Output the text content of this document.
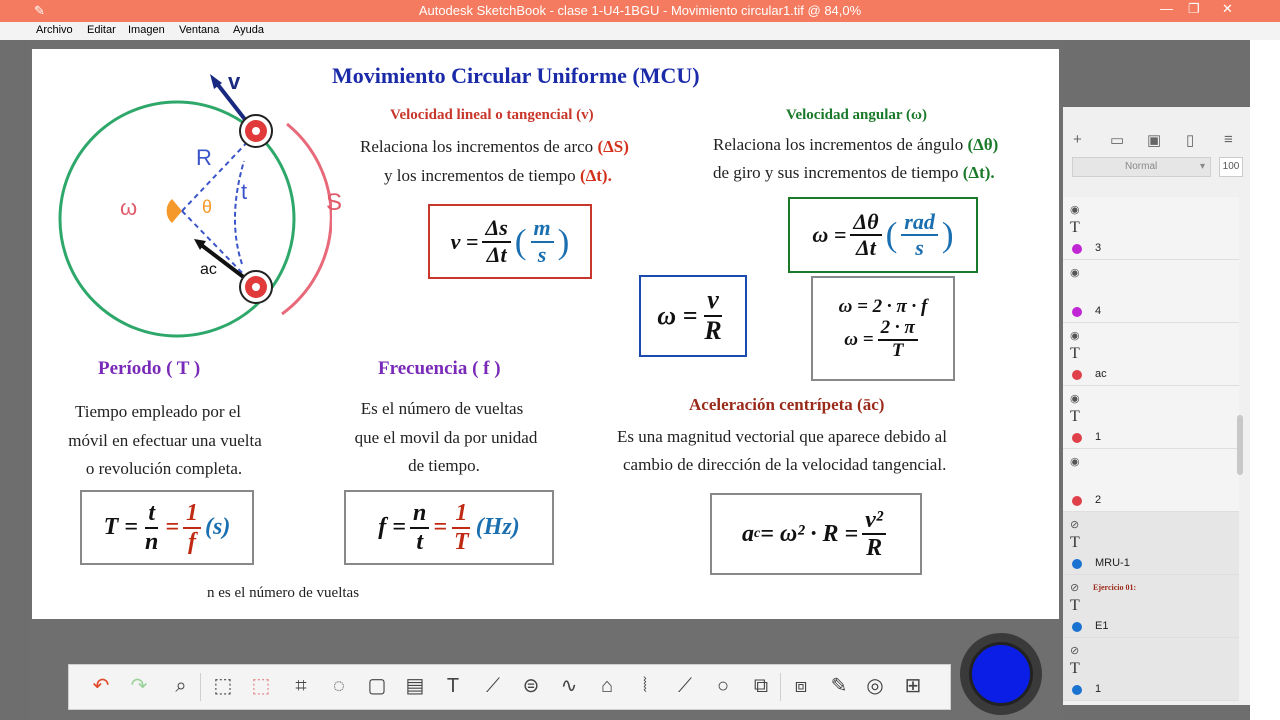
✎	Autodesk SketchBook - clase 1-U4-1BGU - Movimiento circular1.tif @ 84,0%	— ❐ ✕
Archivo Editar Imagen Ventana Ayuda
v
R
t
ω	θ
ac
S
Movimiento Circular Uniforme (MCU)
Velocidad lineal o tangencial (v)
Relaciona los incrementos de arco (ΔS)
y los incrementos de tiempo (Δt).
$v = \frac{\Delta s}{\Delta t}$ ( $\frac{m}{s}$ )
Velocidad angular (ω)
Relaciona los incrementos de ángulo (Δθ)
de giro y sus incrementos de tiempo (Δt).
$\omega = \frac{\Delta\theta}{\Delta t}$ ( $\frac{\text{rad}}{s}$ )
$\omega = \frac{v}{R}$	ω = 2 · π · f
$\omega = \frac{2 \cdot \pi}{T}$
Período ( T )
Tiempo empleado por el
móvil en efectuar una vuelta
o revolución completa.
$T = \frac{t}{n} = \frac{1}{f} (s)$
Frecuencia ( f )
Es el número de vueltas
que el movil da por unidad
de tiempo.
$f = \frac{n}{t} = \frac{1}{T} (Hz)$
Aceleración centrípeta (āc)
Es una magnitud vectorial que aparece debido al
cambio de dirección de la velocidad tangencial.
a $c = \omega^2 \cdot R = \frac{\text{v²}}{R}$
n es el número de vueltas
+ ▭ ▣ ▯ ≡
Normal	▾	100
◉
T
3
◉
4
◉
T
ac
◉
T
1
◉
2
⊘
T
MRU-1
⊘
T
Ejercicio 01:
E1
⊘
T
1
↶ ↷	⌕	⬚ ⬚	⌗	◌	▢ ▤	T	⟋	⊜ ∿	⌂	⦚	⟋	○	⧉	⧈	✎ ◎ ⊞
